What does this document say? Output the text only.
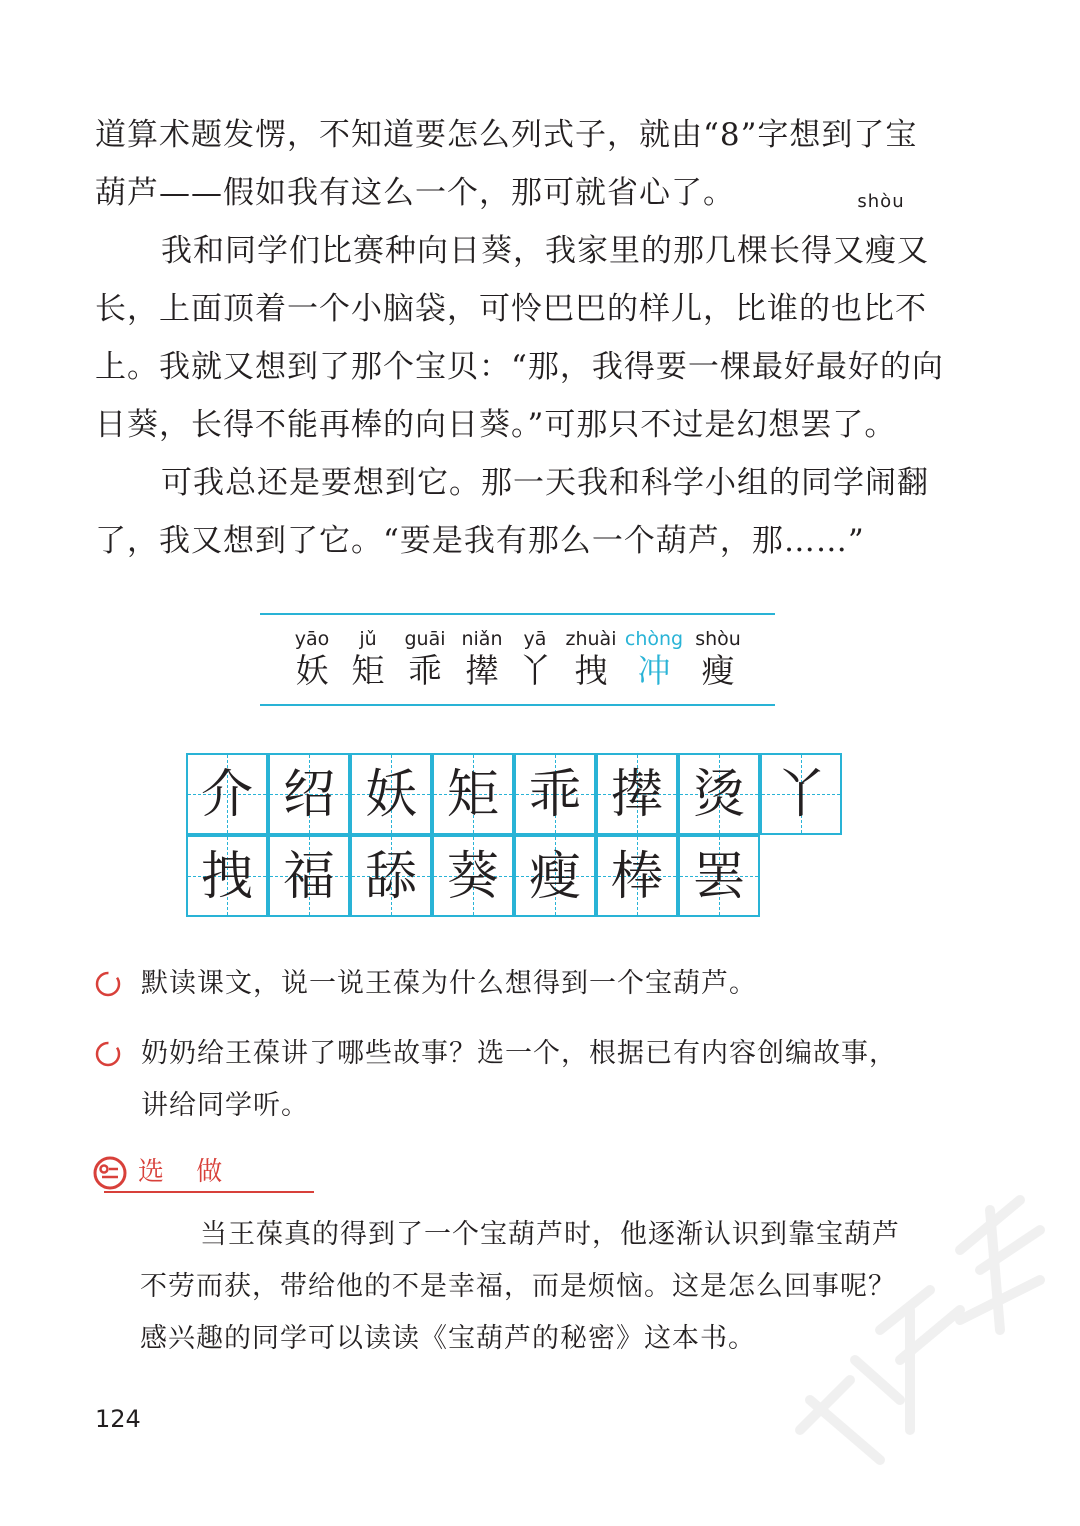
道算术题发愣，不知道要怎么列式子，就由“8”字想到了宝
葫芦——假如我有这么一个，那可就省心了。
我和同学们比赛种向日葵，我家里的那几棵长得又
shòu
瘦又
长，上面顶着一个小脑袋，可怜巴巴的样儿，比谁的也比不
上。我就又想到了那个宝贝：“那，我得要一棵最好最好的向
日葵，长得不能再棒的向日葵。”可那只不过是幻想罢了。
可我总还是要想到它。那一天我和科学小组的同学闹翻
了，我又想到了它。“要是我有那么一个葫芦，那……”
yāo
妖
jǔ
矩
guāi
乖
niǎn
撵
yā
丫
zhuài
拽
chòng
冲
shòu
瘦
介 绍 妖 矩 乖 撵 烫 丫
拽 福 舔 葵 瘦 棒 罢
默读课文，说一说王葆为什么想得到一个宝葫芦。
奶奶给王葆讲了哪些故事？选一个，根据已有内容创编故事，
讲给同学听。
选 做
当王葆真的得到了一个宝葫芦时，他逐渐认识到靠宝葫芦
不劳而获，带给他的不是幸福，而是烦恼。这是怎么回事呢？
感兴趣的同学可以读读《宝葫芦的秘密》这本书。
124
